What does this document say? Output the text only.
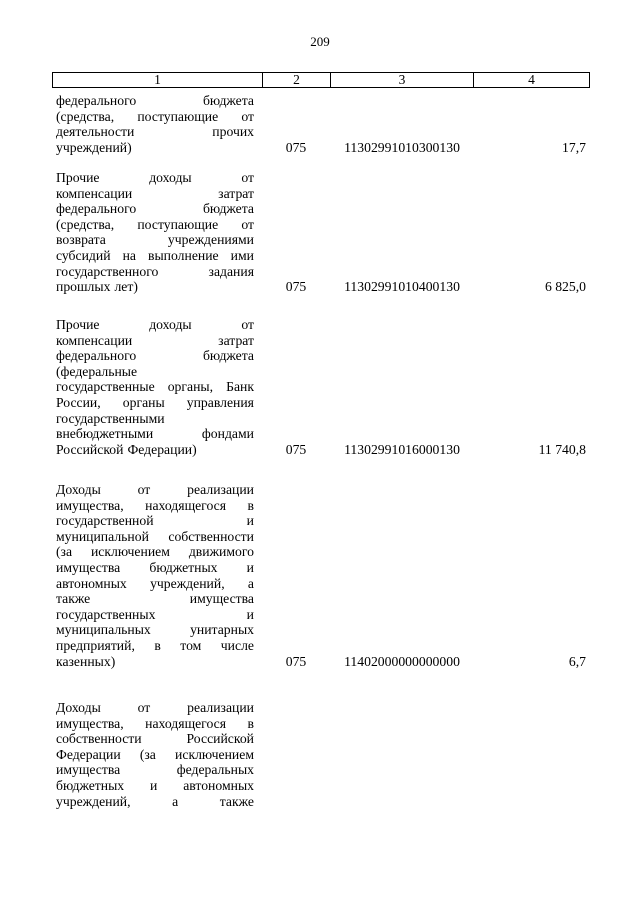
209
1	2	3	4
федерального	бюджета
(средства, поступающие от
деятельности	прочих
учреждений)	075	11302991010300130	17,7
Прочие	доходы	от
компенсации	затрат
федерального	бюджета
(средства, поступающие от
возврата	учреждениями
субсидий на выполнение ими
государственного	задания
прошлых лет)	075	11302991010400130	6 825,0
Прочие	доходы	от
компенсации	затрат
федерального	бюджета
(федеральные
государственные органы, Банк
России, органы управления
государственными
внебюджетными	фондами
Российской Федерации)	075	11302991016000130	11 740,8
Доходы	от	реализации
имущества, находящегося в
государственной	и
муниципальной собственности
(за исключением движимого
имущества бюджетных и
автономных учреждений, а
также	имущества
государственных	и
муниципальных	унитарных
предприятий, в том числе
казенных)	075	11402000000000000	6,7
Доходы	от	реализации
имущества, находящегося в
собственности	Российской
Федерации (за исключением
имущества	федеральных
бюджетных и автономных
учреждений,	а	также
